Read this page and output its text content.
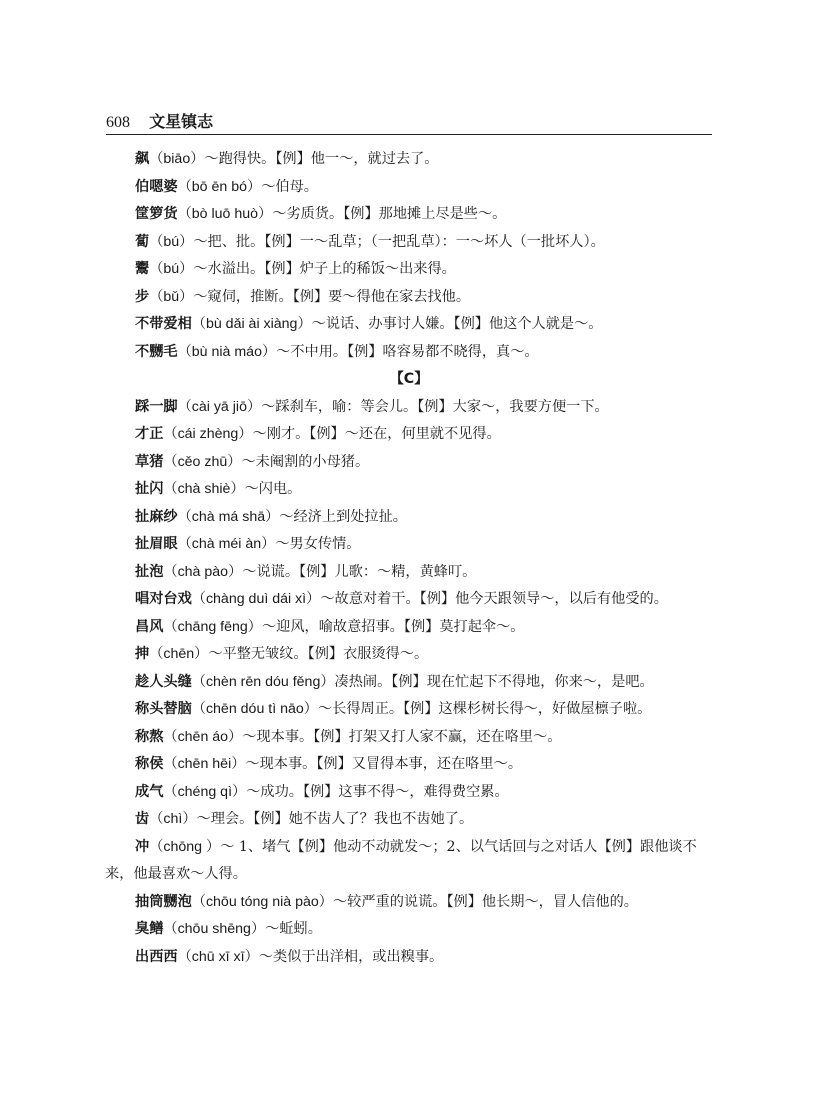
608 文星镇志
飙（biāo）～跑得快。【例】他一～，就过去了。
伯嗯婆（bō ēn bó）～伯母。
筐箩货（bò luō huò）～劣质货。【例】那地摊上尽是些～。
蔔（bú）～把、批。【例】一～乱草；（一把乱草）：一～坏人（一批坏人）。
鬻（bú）～水溢出。【例】炉子上的稀饭～出来得。
步（bǔ）～窥伺，推断。【例】要～得他在家去找他。
不带爱相（bù dǎi ài xiàng）～说话、办事讨人嫌。【例】他这个人就是～。
不嬲毛（bù nià máo）～不中用。【例】咯容易都不晓得，真～。
【C】
踩一脚（cài yā jiō）～踩刹车，喻：等会儿。【例】大家～，我要方便一下。
才正（cái zhèng）～刚才。【例】～还在，何里就不见得。
草猪（cěo zhū）～未阉割的小母猪。
扯闪（chà shiè）～闪电。
扯麻纱（chà má shā）～经济上到处拉扯。
扯眉眼（chà méi àn）～男女传情。
扯泡（chà pào）～说谎。【例】儿歌：～精，黄蜂叮。
唱对台戏（chàng duì dái xì）～故意对着干。【例】他今天跟领导～，以后有他受的。
昌风（chāng fēng）～迎风，喻故意招事。【例】莫打起伞～。
抻（chēn）～平整无皱纹。【例】衣服烫得～。
趁人头缝（chèn rēn dóu fěng）凑热闹。【例】现在忙起下不得地，你来～，是吧。
称头替脑（chēn dóu tì nāo）～长得周正。【例】这棵杉树长得～，好做屋檩子啦。
称熬（chēn áo）～现本事。【例】打架又打人家不赢，还在咯里～。
称侯（chēn hēi）～现本事。【例】又冒得本事，还在咯里～。
成气（chéng qì）～成功。【例】这事不得～，难得费空累。
齿（chì）～理会。【例】她不齿人了？我也不齿她了。
冲（chōng ）～ 1、堵气【例】他动不动就发～；2、以气话回与之对话人【例】跟他谈不来，他最喜欢～人得。
抽筒嬲泡（chōu tóng nià pào）～较严重的说谎。【例】他长期～，冒人信他的。
臭鳝（chōu shēng）～蚯蚓。
出西西（chū xī xī）～类似于出洋相，或出糗事。
